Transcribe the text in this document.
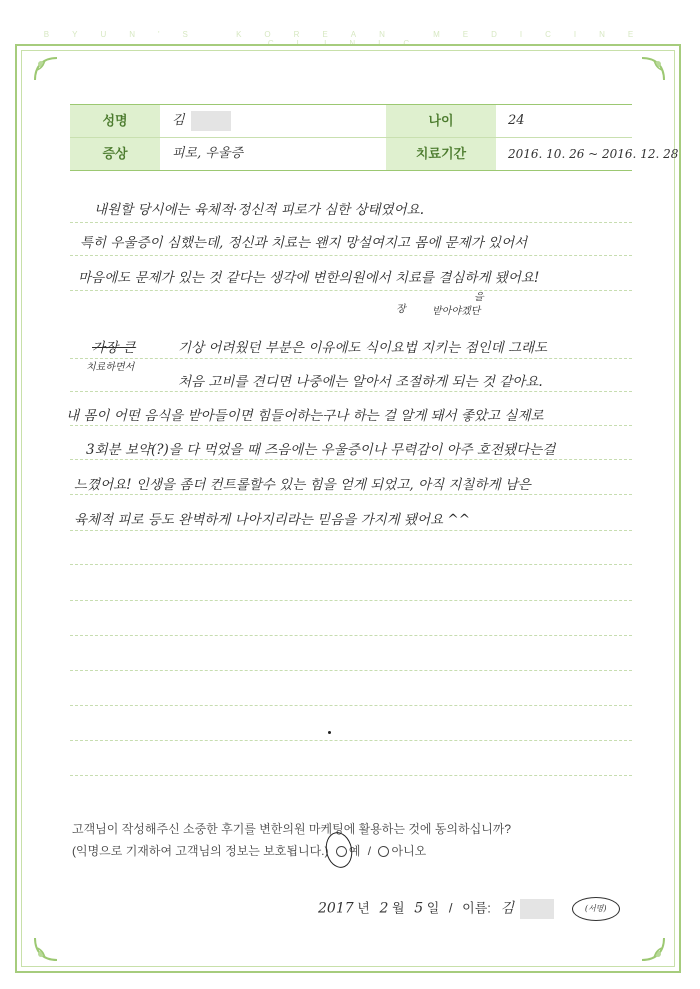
BYUN'S KOREAN MEDICINE CLINIC
성명	김	나이	24
증상	피로, 우울증	치료기간	2016. 10. 26 ~ 2016. 12. 28
내원할 당시에는 육체적·정신적 피로가 심한 상태였어요.
특히 우울증이 심했는데, 정신과 치료는 왠지 망설여지고 몸에 문제가 있어서
마음에도 문제가 있는 것 같다는 생각에 변한의원에서 치료를 결심하게 됐어요!
장	받아야겠단
을
가장 큰	기상 어려웠던 부분은 이유에도 식이요법 지키는 점인데 그래도
치료하면서
처음 고비를 견디면 나중에는 알아서 조절하게 되는 것 같아요.
내 몸이 어떤 음식을 받아들이면 힘들어하는구나 하는 걸 알게 돼서 좋았고 실제로
3회분 보약(?)을 다 먹었을 때 즈음에는 우울증이나 무력감이 아주 호전됐다는걸
느꼈어요! 인생을 좀더 컨트롤할수 있는 힘을 얻게 되었고, 아직 지칠하게 남은
육체적 피로 등도 완벽하게 나아지리라는 믿음을 가지게 됐어요 ^^
고객님이 작성해주신 소중한 후기를 변한의원 마케팅에 활용하는 것에 동의하십니까?
(익명으로 기재하여 고객님의 정보는 보호됩니다.) 예 / 아니오
2017 년 2 월 5 일 / 이름: 김	(서명)
